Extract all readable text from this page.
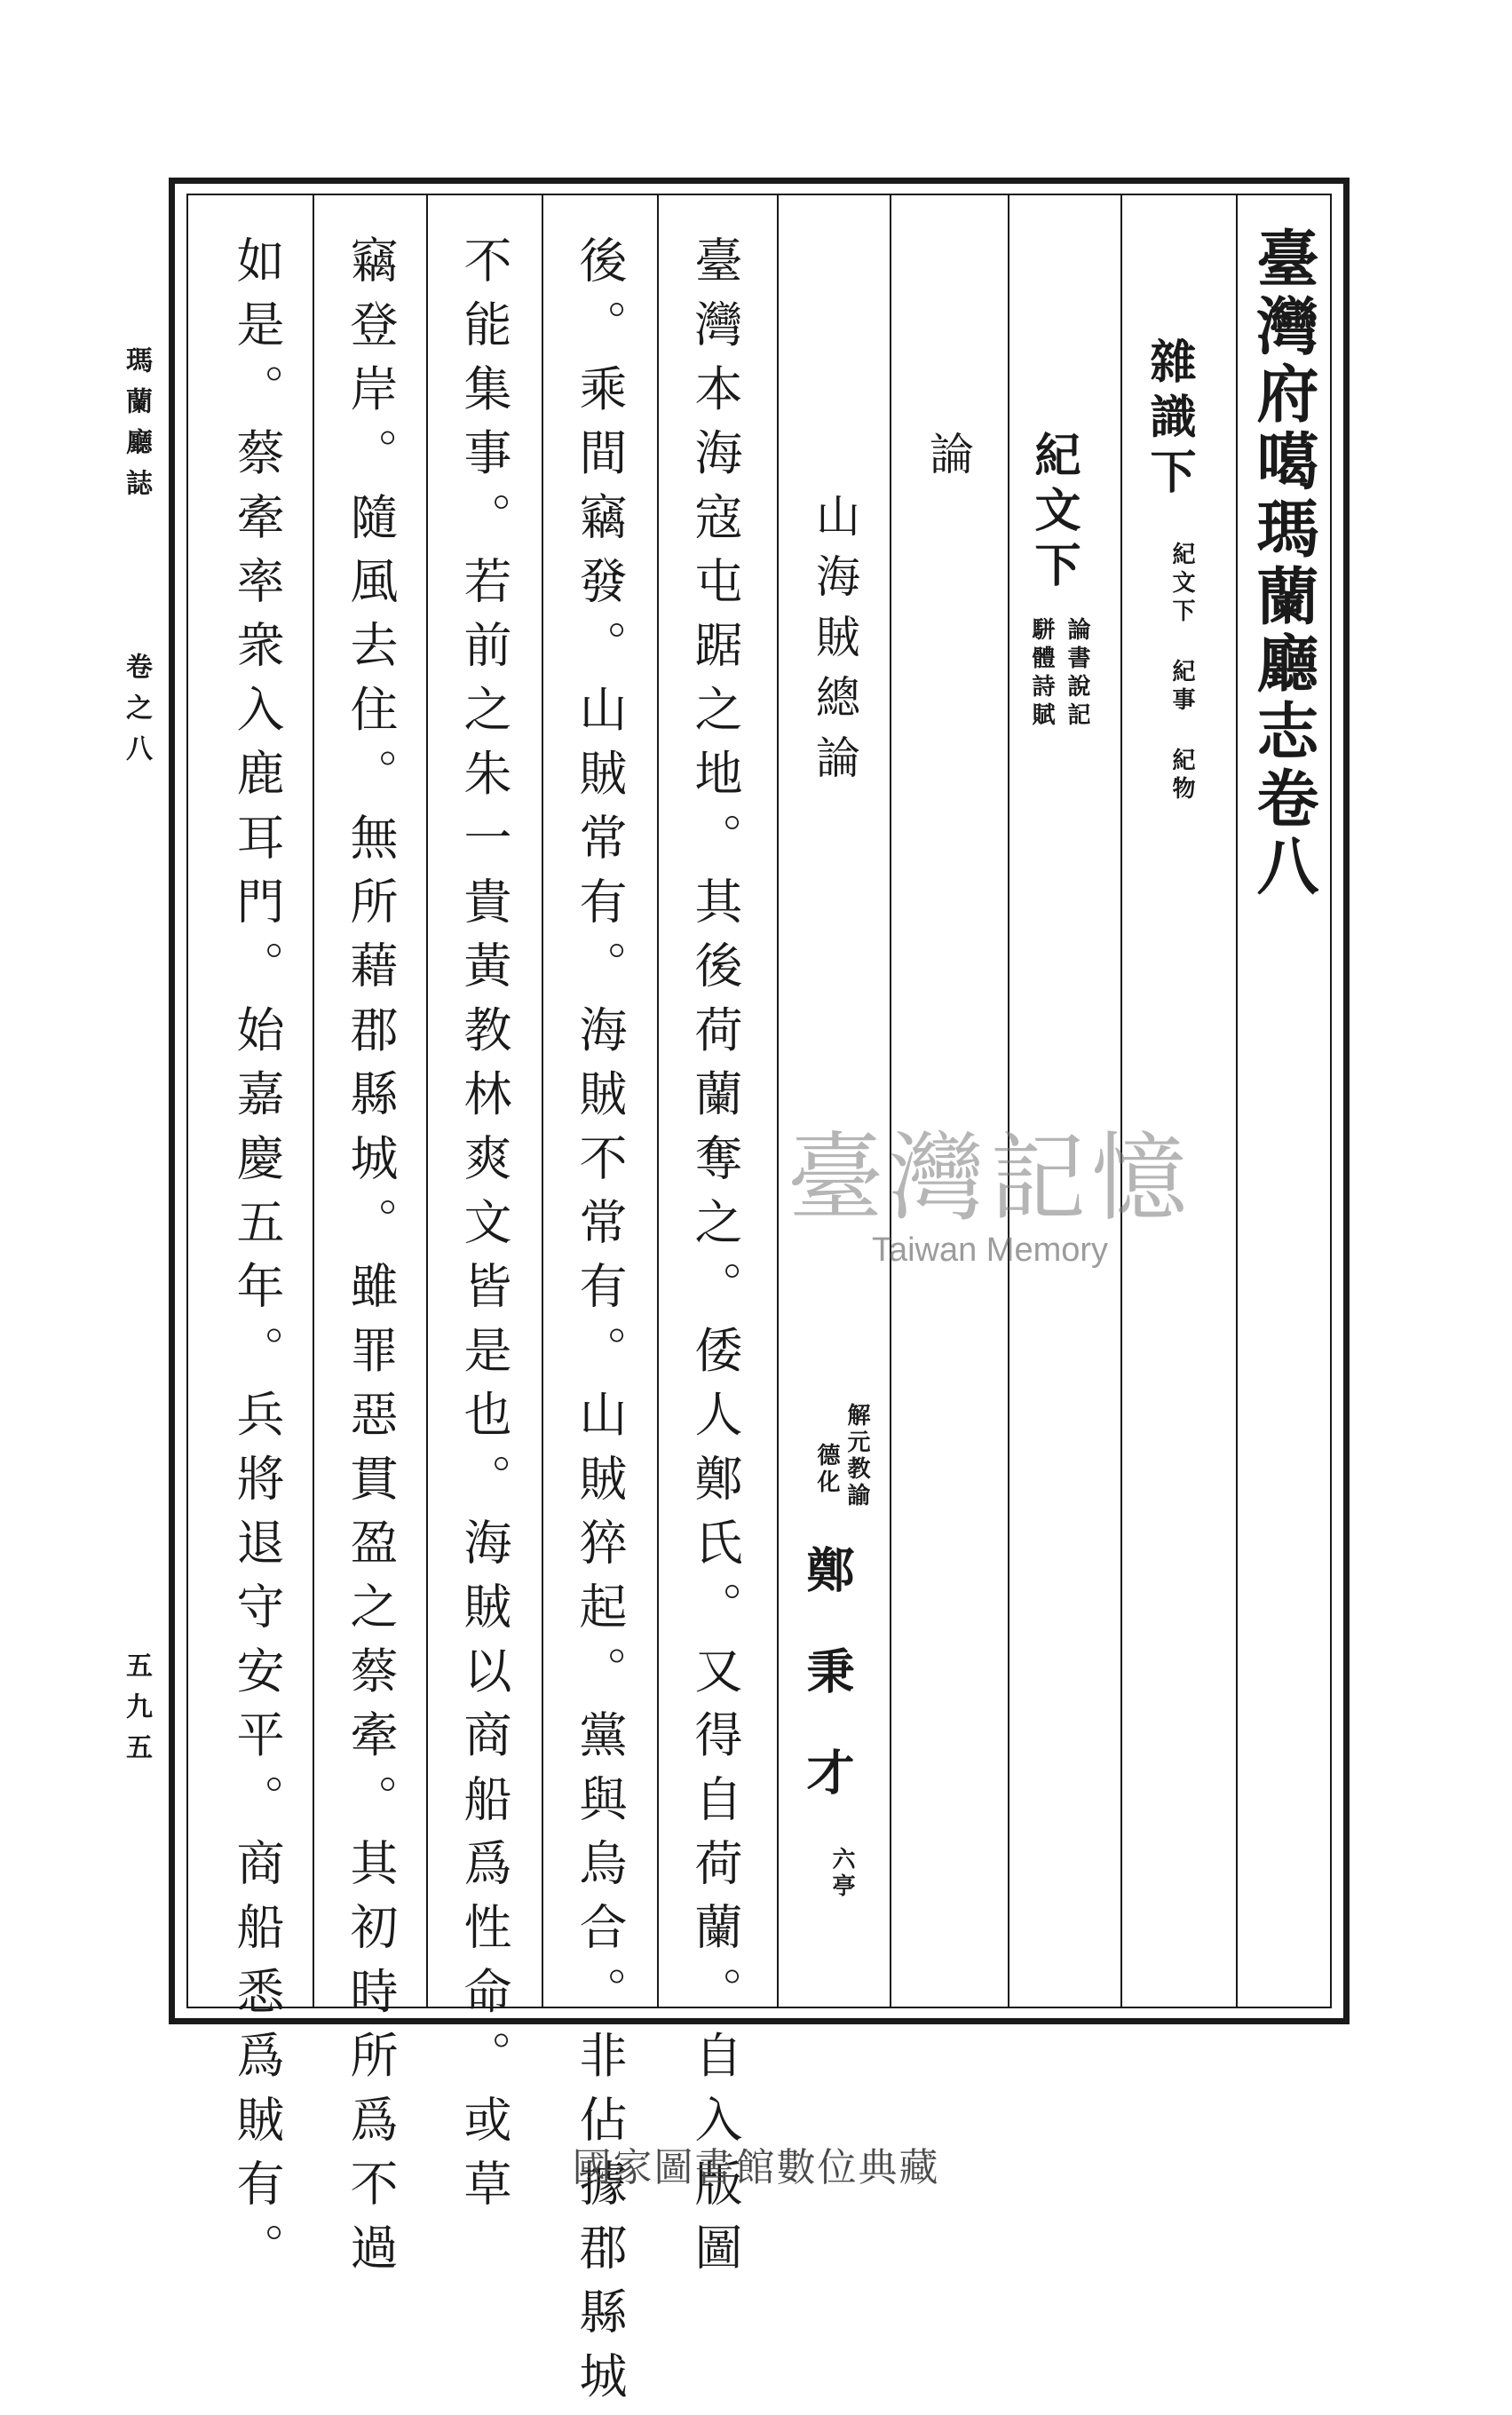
臺灣府噶瑪蘭廳志卷八
雜識下
紀文下 紀事 紀物
紀文下
論書說記
駢體詩賦
論
山海賊總論
解元教諭
德化
鄭秉才
六亭
臺灣本海寇屯踞之地。其後荷蘭奪之。倭人鄭氏。又得自荷蘭。自入版圖
後。乘間竊發。山賊常有。海賊不常有。山賊猝起。黨與烏合。非佔據郡縣城
不能集事。若前之朱一貴黃教林爽文皆是也。海賊以商船爲性命。或草
竊登岸。隨風去住。無所藉郡縣城。雖罪惡貫盈之蔡牽。其初時所爲不過
如是。蔡牽率衆入鹿耳門。始嘉慶五年。兵將退守安平。商船悉爲賊有。
瑪蘭廳誌
卷之八
五九五
臺灣記憶
Taiwan Memory
國家圖書館數位典藏
